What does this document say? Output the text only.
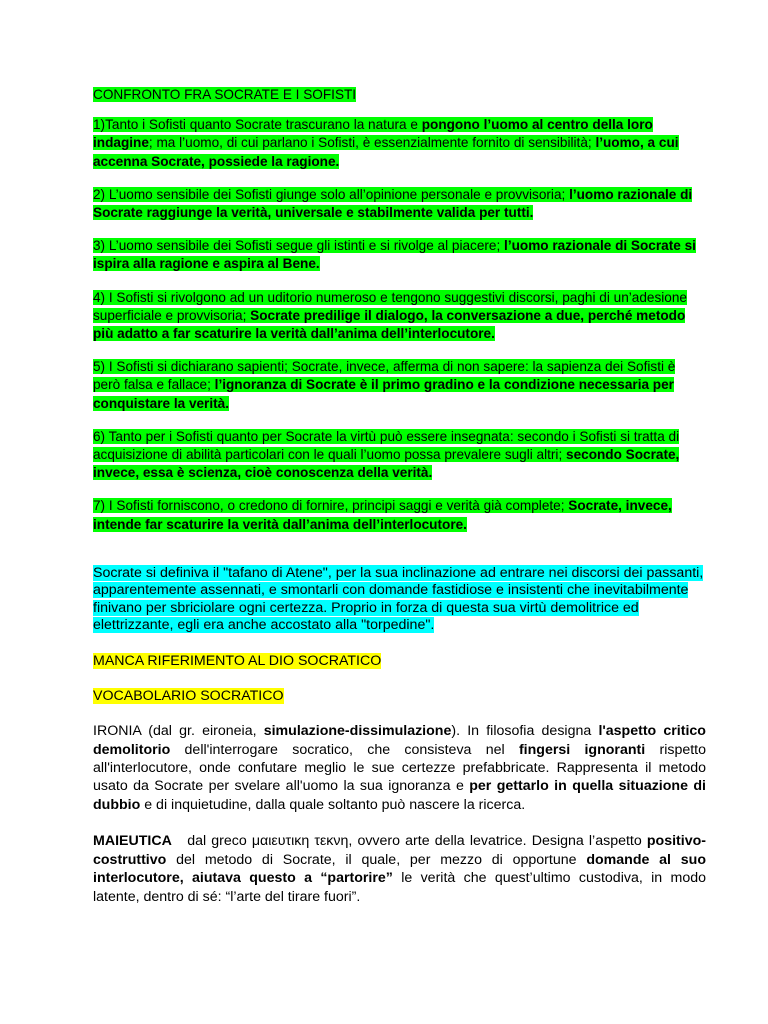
CONFRONTO FRA SOCRATE E I SOFISTI

1)Tanto i Sofisti quanto Socrate trascurano la natura e pongono l’uomo al centro della loro indagine; ma l’uomo, di cui parlano i Sofisti, è essenzialmente fornito di sensibilità; l’uomo, a cui accenna Socrate, possiede la ragione.

2) L’uomo sensibile dei Sofisti giunge solo all’opinione personale e provvisoria; l’uomo razionale di Socrate raggiunge la verità, universale e stabilmente valida per tutti.

3) L’uomo sensibile dei Sofisti segue gli istinti e si rivolge al piacere; l’uomo razionale di Socrate si ispira alla ragione e aspira al Bene.

4) I Sofisti si rivolgono ad un uditorio numeroso e tengono suggestivi discorsi, paghi di un’adesione superficiale e provvisoria; Socrate predilige il dialogo, la conversazione a due, perché metodo più adatto a far scaturire la verità dall’anima dell’interlocutore.

5) I Sofisti si dichiarano sapienti; Socrate, invece, afferma di non sapere: la sapienza dei Sofisti è però falsa e fallace; l’ignoranza di Socrate è il primo gradino e la condizione necessaria per conquistare la verità.

6) Tanto per i Sofisti quanto per Socrate la virtù può essere insegnata: secondo i Sofisti si tratta di acquisizione di abilità particolari con le quali l’uomo possa prevalere sugli altri; secondo Socrate, invece, essa è scienza, cioè conoscenza della verità.

7) I Sofisti forniscono, o credono di fornire, principi saggi e verità già complete; Socrate, invece, intende far scaturire la verità dall’anima dell’interlocutore.

Socrate si definiva il "tafano di Atene", per la sua inclinazione ad entrare nei discorsi dei passanti, apparentemente assennati, e smontarli con domande fastidiose e insistenti che inevitabilmente finivano per sbriciolare ogni certezza. Proprio in forza di questa sua virtù demolitrice ed elettrizzante, egli era anche accostato alla "torpedine".

MANCA RIFERIMENTO AL DIO SOCRATICO

VOCABOLARIO SOCRATICO

IRONIA (dal gr. eironeia, simulazione-dissimulazione). In filosofia designa l'aspetto critico demolitorio dell'interrogare socratico, che consisteva nel fingersi ignoranti rispetto all'interlocutore, onde confutare meglio le sue certezze prefabbricate. Rappresenta il metodo usato da Socrate per svelare all'uomo la sua ignoranza e per gettarlo in quella situazione di dubbio e di inquietudine, dalla quale soltanto può nascere la ricerca.

MAIEUTICA   dal greco μαιευτικη τεκνη, ovvero arte della levatrice. Designa l’aspetto positivo-costruttivo del metodo di Socrate, il quale, per mezzo di opportune domande al suo interlocutore, aiutava questo a “partorire” le verità che quest’ultimo custodiva, in modo latente, dentro di sé: “l’arte del tirare fuori”.
